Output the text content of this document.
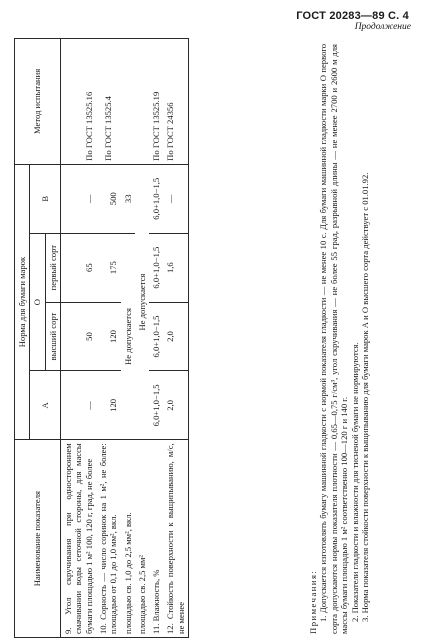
ГОСТ 20283—89 С. 4
Продолжение
Наименование показателя	Норма для бумаги марок				Метод испытания
	А	О		В	
		высший сорт	первый сорт		
9. Угол скручивания при одностороннем смачивании воды сеточной стороны, для массы бумаги площадью 1 м² 100, 120 г, град, не более	—	50	65	—	По ГОСТ 13525.16
10. Сорность — число соринок на 1 м², не более: площадью от 0,1 до 1,0 мм², вкл.	120	120	175	500	По ГОСТ 13525.4
площадью св. 1,0 до 2,5 мм², вкл.	Не допускается			33	
площадью св. 2,5 мм²	Не допускается				
11. Влажность, %	6,0+1,0−1,5	6,0+1,0−1,5	6,0+1,0−1,5	6,0+1,0−1,5	По ГОСТ 13525.19
12. Стойкость поверхности к выщипыванию, м/с, не менее	2,0	2,0	1,6	—	По ГОСТ 24356

Примечания: 1. Допускается изготовлять бумагу машинной гладкости с нормой показателя гладкости — не менее 10 с. Для бумаги машинной гладкости марки О первого сорта допускаются нормы показателя плотности — 0,65—0,75 г/см³, угол скручивания — не более 55 град, разрывной длины — не менее 2700 и 2600 м для массы бумаги площадью 1 м² соответственно 100—120 г и 140 г. 2. Показатели гладкости и влажности для тисненой бумаги не нормируются. 3. Норма показателя стойкости поверхности к выщипыванию для бумаги марок А и О высшего сорта действует с 01.01.92.
